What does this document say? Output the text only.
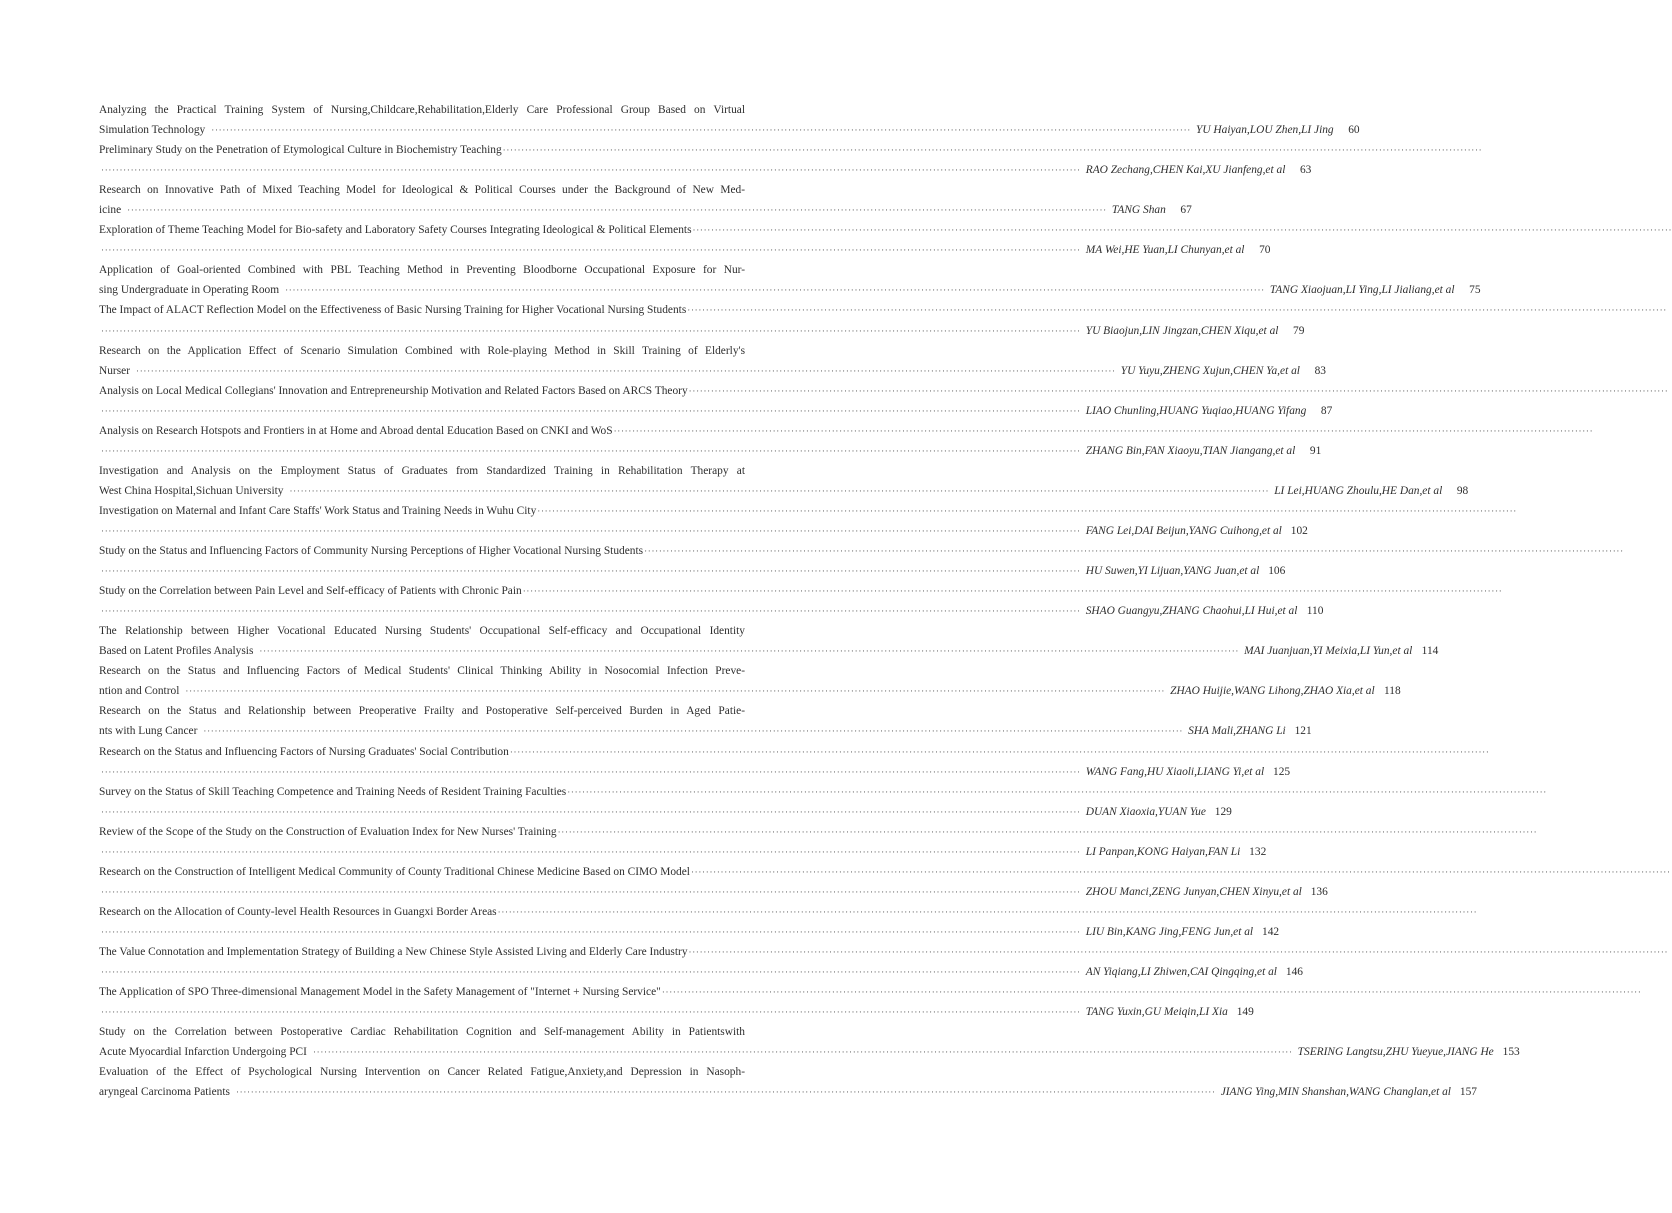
Analyzing the Practical Training System of Nursing,Childcare,Rehabilitation,Elderly Care Professional Group Based on Virtual
Simulation Technology ·····	YU Haiyan,LOU Zhen,LI Jing	60
Preliminary Study on the Penetration of Etymological Culture in Biochemistry Teaching
·····
·····
RAO Zechang,CHEN Kai,XU Jianfeng,et al	63
Research on Innovative Path of Mixed Teaching Model for Ideological & Political Courses under the Background of New Med-
icine ·····	TANG Shan	67
Exploration of Theme Teaching Model for Bio-safety and Laboratory Safety Courses Integrating Ideological & Political Elements
·····
·····
MA Wei,HE Yuan,LI Chunyan,et al	70
Application of Goal-oriented Combined with PBL Teaching Method in Preventing Bloodborne Occupational Exposure for Nur-
sing Undergraduate in Operating Room ·····	TANG Xiaojuan,LI Ying,LI Jialiang,et al	75
The Impact of ALACT Reflection Model on the Effectiveness of Basic Nursing Training for Higher Vocational Nursing Students
·····
·····
YU Biaojun,LIN Jingzan,CHEN Xiqu,et al	79
Research on the Application Effect of Scenario Simulation Combined with Role-playing Method in Skill Training of Elderly's
Nurser ·····	YU Yuyu,ZHENG Xujun,CHEN Ya,et al	83
Analysis on Local Medical Collegians' Innovation and Entrepreneurship Motivation and Related Factors Based on ARCS Theory
·····
·····
LIAO Chunling,HUANG Yuqiao,HUANG Yifang	87
Analysis on Research Hotspots and Frontiers in at Home and Abroad dental Education Based on CNKI and WoS
·····
·····
ZHANG Bin,FAN Xiaoyu,TIAN Jiangang,et al	91
Investigation and Analysis on the Employment Status of Graduates from Standardized Training in Rehabilitation Therapy at
West China Hospital,Sichuan University ·····	LI Lei,HUANG Zhoulu,HE Dan,et al	98
Investigation on Maternal and Infant Care Staffs' Work Status and Training Needs in Wuhu City
·····
·····
FANG Lei,DAI Beijun,YANG Cuihong,et al 102
Study on the Status and Influencing Factors of Community Nursing Perceptions of Higher Vocational Nursing Students
·····
·····
HU Suwen,YI Lijuan,YANG Juan,et al 106
Study on the Correlation between Pain Level and Self-efficacy of Patients with Chronic Pain
·····
·····
SHAO Guangyu,ZHANG Chaohui,LI Hui,et al 110
The Relationship between Higher Vocational Educated Nursing Students' Occupational Self-efficacy and Occupational Identity
Based on Latent Profiles Analysis ·····	MAI Juanjuan,YI Meixia,LI Yun,et al 114
Research on the Status and Influencing Factors of Medical Students' Clinical Thinking Ability in Nosocomial Infection Preve-
ntion and Control ·····	ZHAO Huijie,WANG Lihong,ZHAO Xia,et al 118
Research on the Status and Relationship between Preoperative Frailty and Postoperative Self-perceived Burden in Aged Patie-
nts with Lung Cancer ·····	SHA Mali,ZHANG Li 121
Research on the Status and Influencing Factors of Nursing Graduates' Social Contribution
·····
·····
WANG Fang,HU Xiaoli,LIANG Yi,et al 125
Survey on the Status of Skill Teaching Competence and Training Needs of Resident Training Faculties
·····
·····
DUAN Xiaoxia,YUAN Yue 129
Review of the Scope of the Study on the Construction of Evaluation Index for New Nurses' Training
·····
·····
LI Panpan,KONG Haiyan,FAN Li 132
Research on the Construction of Intelligent Medical Community of County Traditional Chinese Medicine Based on CIMO Model
·····
·····
ZHOU Manci,ZENG Junyan,CHEN Xinyu,et al 136
Research on the Allocation of County-level Health Resources in Guangxi Border Areas
·····
·····
LIU Bin,KANG Jing,FENG Jun,et al 142
The Value Connotation and Implementation Strategy of Building a New Chinese Style Assisted Living and Elderly Care Industry
·····
·····
AN Yiqiang,LI Zhiwen,CAI Qingqing,et al 146
The Application of SPO Three-dimensional Management Model in the Safety Management of "Internet + Nursing Service"
·····
·····
TANG Yuxin,GU Meiqin,LI Xia 149
Study on the Correlation between Postoperative Cardiac Rehabilitation Cognition and Self-management Ability in Patientswith
Acute Myocardial Infarction Undergoing PCI ·····	TSERING Langtsu,ZHU Yueyue,JIANG He 153
Evaluation of the Effect of Psychological Nursing Intervention on Cancer Related Fatigue,Anxiety,and Depression in Nasoph-
aryngeal Carcinoma Patients ·····	JIANG Ying,MIN Shanshan,WANG Changlan,et al 157
